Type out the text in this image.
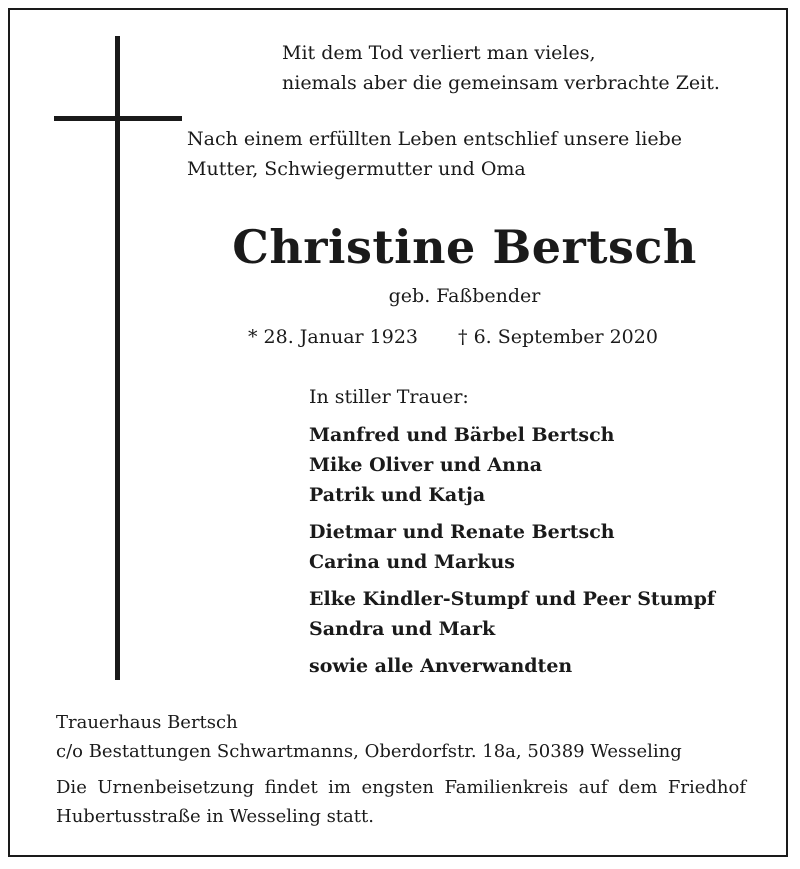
Mit dem Tod verliert man vieles,
niemals aber die gemeinsam verbrachte Zeit.
Nach einem erfüllten Leben entschlief unsere liebe
Mutter, Schwiegermutter und Oma
Christine Bertsch
geb. Faßbender
* 28. Januar 1923 † 6. September 2020
In stiller Trauer:
Manfred und Bärbel Bertsch
Mike Oliver und Anna
Patrik und Katja
Dietmar und Renate Bertsch
Carina und Markus
Elke Kindler-Stumpf und Peer Stumpf
Sandra und Mark
sowie alle Anverwandten
Trauerhaus Bertsch
c/o Bestattungen Schwartmanns, Oberdorfstr. 18a, 50389 Wesseling
Die Urnenbeisetzung findet im engsten Familienkreis auf dem Friedhof Hubertusstraße in Wesseling statt.
